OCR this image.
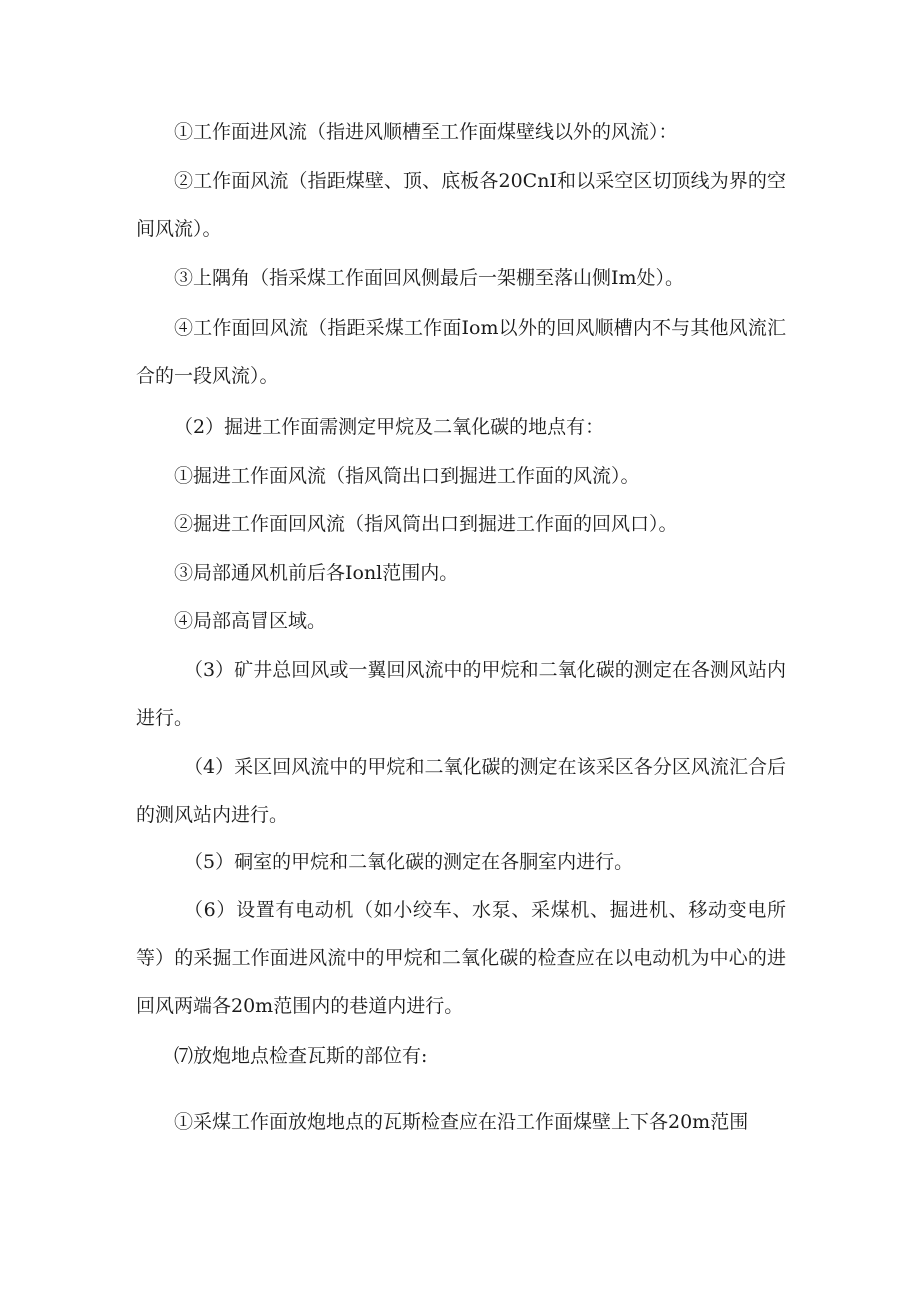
①工作面进风流（指进风顺槽至工作面煤壁线以外的风流）：

②工作面风流（指距煤壁、顶、底板各20CnI和以采空区切顶线为界的空间风流）。

③上隅角（指采煤工作面回风侧最后一架棚至落山侧Im处）。

④工作面回风流（指距采煤工作面Iom以外的回风顺槽内不与其他风流汇合的一段风流）。

（2）掘进工作面需测定甲烷及二氧化碳的地点有：

①掘进工作面风流（指风筒出口到掘进工作面的风流）。

②掘进工作面回风流（指风筒出口到掘进工作面的回风口）。

③局部通风机前后各Ionl范围内。

④局部高冒区域。

（3）矿井总回风或一翼回风流中的甲烷和二氧化碳的测定在各测风站内进行。

（4）采区回风流中的甲烷和二氧化碳的测定在该采区各分区风流汇合后的测风站内进行。

（5）硐室的甲烷和二氧化碳的测定在各胴室内进行。

（6）设置有电动机（如小绞车、水泵、采煤机、掘进机、移动变电所等）的采掘工作面进风流中的甲烷和二氧化碳的检查应在以电动机为中心的进回风两端各20m范围内的巷道内进行。

⑺放炮地点检查瓦斯的部位有:

①采煤工作面放炮地点的瓦斯检查应在沿工作面煤壁上下各20m范围
